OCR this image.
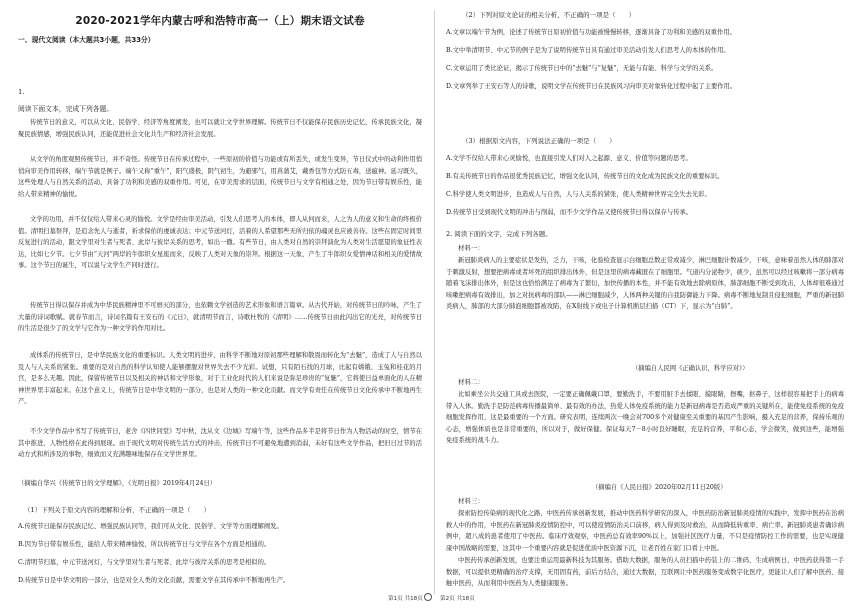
2020-2021学年内蒙古呼和浩特市高一（上）期末语文试卷
一、现代文阅读（本大题共3小题，共33分）
1.
阅读下面文本，完成下列各题。

传统节日的意义，可以从文化、民俗学、经济等角度阐发，也可以就让文学世界理解。传统节日不仅能保存民族历史记忆，传承民族文化，凝聚民族情感，增强民族认同，还能促进社会文化共生产和经济社会发展。

从文学的角度观照传统节日，并不奇怪。传统节日在传承过程中，一些原初的价值与功能或有所丢失，或发生变异，节日仪式中的动利作用悄悄向审美作用转移，端午节就是例子。端午又称“重午”，阳气盛极，阴气初生，为避邪气，用菖蒲艾，戴香包等方式防五毒，送瘟神。延习既久，这些处理人与自然关系的活动，具备了功利和美感的双重作用。可见，在审美需求的层面，传统节日与文学有相通之处，因为节日带有娱乐性，能给人带来精神的愉悦。

文学的功用，并不仅仅给人带来心灵的愉悦。文学是经由审美活动，引发人们思考人的本体，即人从何而来，人之为人的意义和生命的终极价值。清明扫墓祭拜，是追念先人与逝者，祈求保佑的虔诚表达；中元节送河灯，活着的人希望那些无所归依的魂灵也应被善待。这些在固定时间里反复进行的活动，跟文学里对生者与死者、此岸与彼岸关系的思考，如出一辙。有些节日，由人类对自然的崇拜演化为人类对生活愿望的象征性表达，比如七夕节。七夕节由“天河”两岸的牛郎织女星座而来，反映了人类对天象的崇拜。根据这一天象，产生了牛郎织女爱情神话和相关的爱情故事。这个节日的诞生，可以说与文学生产同时进行。

传统节日得以保存并成为中华民族精神里不可磨灭的部分，也依赖文学创造的艺术形象和语言篇章。从古代开始，对传统节日的吟咏，产生了大量的诗词歌赋。就春节而言，诗词名篇有王安石的《元日》，就清明节而言，诗歌杜牧的《清明》……传统节日由此闪出它的光亮，对传统节日的生活是很少了的文学与它作为一种文学的作用对比。

成体系的传统节日，是中华民族文化的重要标识。人类文明的进步，由科学不断地对原初那些理解和敬畏而转化为“去魅”，造成了人与自然以及人与人关系的紧张。重要的是对自然的科学认知使人能够摆脱对世界失去不少光彩。试想，只有陌石找的月球，比起有嫦娥、玉兔和桂花的月宫，是多么无趣。因此，保留传统节日以及相关的神话和文学形象，对于工业化时代的人们来说是弥足珍贵的“复魅”，它将使日益单面化的人在精神世界里丰富起来。在这个意义上，传统节日是中华文明的一部分，也是对人类的一种文化贡献。而文学有责任在传统节日文化传承中不断地再生产。

不少文学作品中书写了传统节日，老舍《四世同堂》写中秋，沈从文《边城》写端午等，这些作品多半是将节日作为人物活动的时空，情节在其中推进，人物性格在此得到展现。由于现代文明对传统生活方式的冲击，传统节日不可避免地遭到消弱，未好有这些文学作品，把旧日过节的活动方式和所涉及的事物，细致而又充满趣味地保存在文学世界里。

（摘编自华兴《传统节日的文学理解》，《光明日报》2019年4月24日）
（1）下列关于原文内容的理解和分析，不正确的一项是（　　）
A.传统节日能保存民族记忆、增强民族认同等，我们可从文化、民俗学、文学等方面理解阐发。
B.因为节日带有娱乐性，能给人带来精神愉悦，所以传统节日与文学在各个方面是相通的。
C.清明节扫墓，中元节送河灯，与文学里对生者与死者、此岸与彼岸关系的思考是相似的。
D.传统节日是中华文明的一部分，也是对全人类的文化贡献，需要文学在其传承中不断地再生产。
（2）下列对原文论证的相关分析，不正确的一项是（　　）
A.文章以端午节为例，论述了传统节日原初价值与功能被慢慢转移，逐渐具备了功利和美感的双重作用。
B.文中举清明节、中元节的例子是为了说明传统节日具有通过审美活动引发人们思考人的本体的作用。
C.文章运用了类比论证，揭示了传统节日中的“去魅”与“复魅”，无能与有能、科学与文学的关系。
D.文章列举了王安石等人的诗歌，说明文学在传统节日在民族风习向审美对象转化过程中起了主要作用。
（3）根据原文内容，下列说法正确的一项是（　　）
A.文学不仅给人带来心灵愉悦，也直接引发人们对人之起源、意义、价值等问题的思考。
B.有关传统节日的作品很优秀民族记忆，增强文化认同，传统节日的文化成为民族文化的重要标识。
C.科学使人类文明进步，也造成人与自然，人与人关系的紧张，使人类精神世界完全失去光彩。
D.传统节日受到现代文明的冲击与削弱，而不少文学作品又使传统节日得以保存与传承。
2. 阅读下面的文字，完成下列各题。
材料一：

新冠肺炎病人的主要症状是发热，乏力，干咳，化验检查显示白细胞总数正常或减少，淋巴细胞计数减少，干咳，意味着虽然人体的肺部对于刺激反射，想要把病毒或者坏死的组织排出体外，但是这里的病毒藏匿在了细胞里。气道内分泌物少，痰少，虽然可以经过咳嗽将一部分病毒随着飞沫排出体外，但是这也恰恰满足了病毒为了繁衍，加快传播的本性，并不能有效地去除病原体，肺部细胞不断受到攻击，人体却很难通过咳嗽把病毒有效排出，加之对抗病毒的部队——淋巴细胞减少，人体两种关键的自我防御能力下降。病毒不断地复制且侵犯细胞，严重的新冠肺炎病人，肺部的大部分肺泡细胞都被攻陷，在X射线下或电子计算机断层扫描（CT）下，显示为“白肺”。

（摘编自人民网《正确认识，科学应对》）
材料二：

比如乘坐公共交通工具或去医院，一定要正确佩戴口罩，要勤洗手，不要用脏手去揉眼、摸眼睛，擦嘴，抠鼻子，这样很容易把手上的病毒带入人体。勤洗手是防范病毒传播最简单、最有效的办法，热爱人体免疫系统的能力是新冠病毒是否造成严重的关键所在，能使免疫系统的免疫细胞发挥作用，这是最重要的一个方面。研究表明，连续两次一晚会对700多个对健康至关重要的基因产生影响，摄入充足的营养，保持乐观的心态，增强体质也是非常重要的，所以对于，做好保健。保证每天7－8小时良好睡眠，充足的营养，平和心态，学会微笑，做到这些，能增强免疫系统的战斗力。

（摘编自《人民日报》2020年02月11日20版）
材料三：

探索防控传染病的现代化之路，中医药传承创新发展，推动中医药科学研究的深入，中医药防治新冠肺炎疫情的实践中，发挥中医药在治病救人中的作用，中医药在新冠肺炎疫情防控中，可以使疫情防治关口前移，病人得到及时救治，从而降低转重率、病亡率。新冠肺炎患者确诊病例中，超八成的患者使用了中医药。临床疗效观察，中医药总有效率90%以上，加强社区医疗力量，不只是疫情防控工作的需要，也是实现健康中国战略的需要，这其中一个重要内容就是促进优质中医资源下沉，让老百姓在家门口看上中医。

中医药传承创新发展，也要注重运用最新科技为其服务。借助大数据，服务的人员扫描中药装上的二维码，生成病例日，中医药获得第一手数据，可以提供更精确的治疗支撑，无用固有药，前后方结合，通过大数据，互联网让中医药服务变成数字化医疗，更能让人们了解中医药、接触中医药，从而利用中医药为人类健康服务。

第1页 共18页	第2页 共18页
